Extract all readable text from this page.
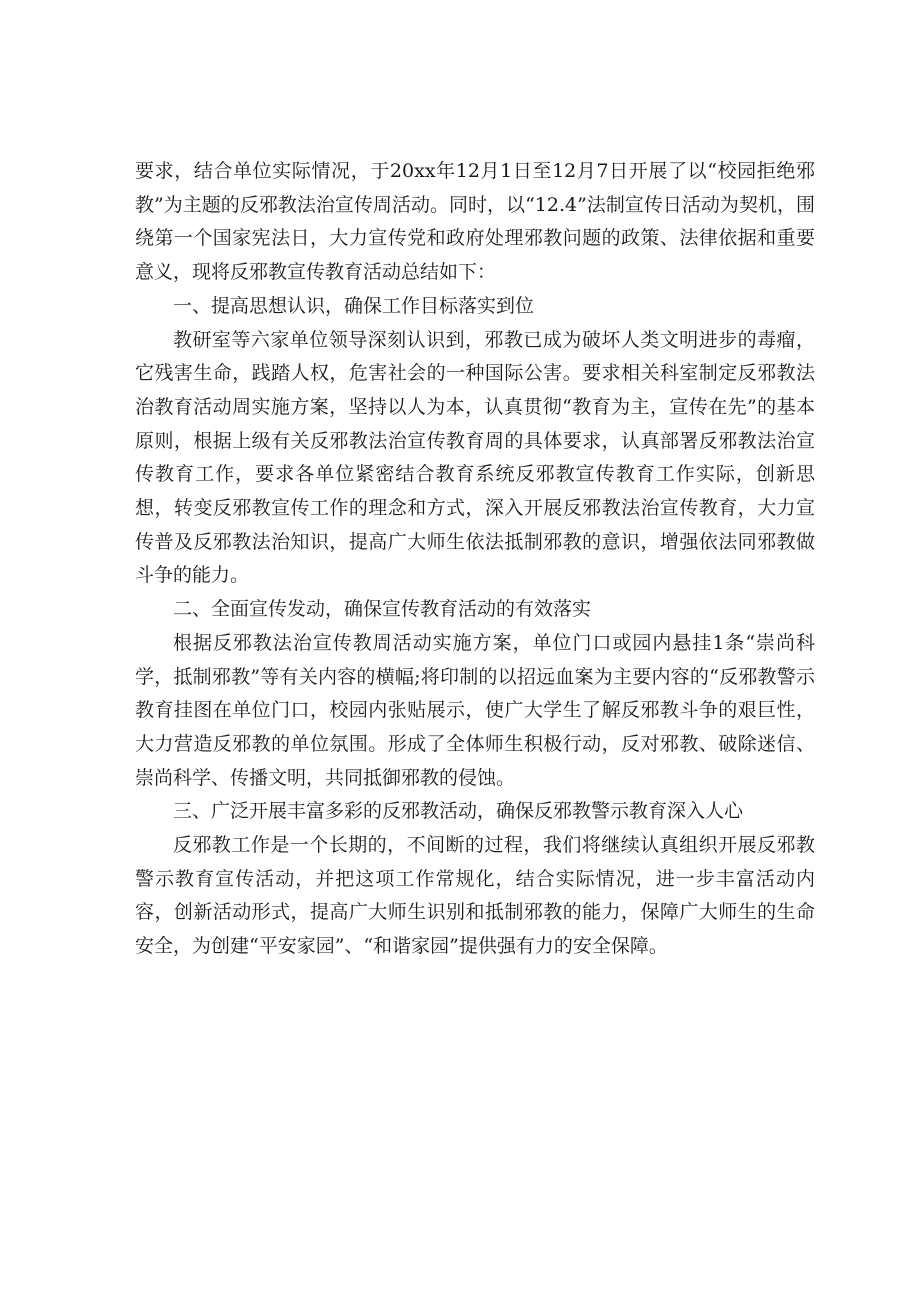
要求，结合单位实际情况，于20xx年12月1日至12月7日开展了以“校园拒绝邪教”为主题的反邪教法治宣传周活动。同时，以“12.4”法制宣传日活动为契机，围绕第一个国家宪法日，大力宣传党和政府处理邪教问题的政策、法律依据和重要意义，现将反邪教宣传教育活动总结如下：

一、提高思想认识，确保工作目标落实到位

教研室等六家单位领导深刻认识到，邪教已成为破坏人类文明进步的毒瘤，它残害生命，践踏人权，危害社会的一种国际公害。要求相关科室制定反邪教法治教育活动周实施方案，坚持以人为本，认真贯彻“教育为主，宣传在先”的基本原则，根据上级有关反邪教法治宣传教育周的具体要求，认真部署反邪教法治宣传教育工作，要求各单位紧密结合教育系统反邪教宣传教育工作实际，创新思想，转变反邪教宣传工作的理念和方式，深入开展反邪教法治宣传教育，大力宣传普及反邪教法治知识，提高广大师生依法抵制邪教的意识，增强依法同邪教做斗争的能力。

二、全面宣传发动，确保宣传教育活动的有效落实

根据反邪教法治宣传教周活动实施方案，单位门口或园内悬挂1条“崇尚科学，抵制邪教”等有关内容的横幅;将印制的以招远血案为主要内容的“反邪教警示教育挂图在单位门口，校园内张贴展示，使广大学生了解反邪教斗争的艰巨性，大力营造反邪教的单位氛围。形成了全体师生积极行动，反对邪教、破除迷信、崇尚科学、传播文明，共同抵御邪教的侵蚀。

三、广泛开展丰富多彩的反邪教活动，确保反邪教警示教育深入人心

反邪教工作是一个长期的，不间断的过程，我们将继续认真组织开展反邪教警示教育宣传活动，并把这项工作常规化，结合实际情况，进一步丰富活动内容，创新活动形式，提高广大师生识别和抵制邪教的能力，保障广大师生的生命安全，为创建“平安家园”、“和谐家园”提供强有力的安全保障。
